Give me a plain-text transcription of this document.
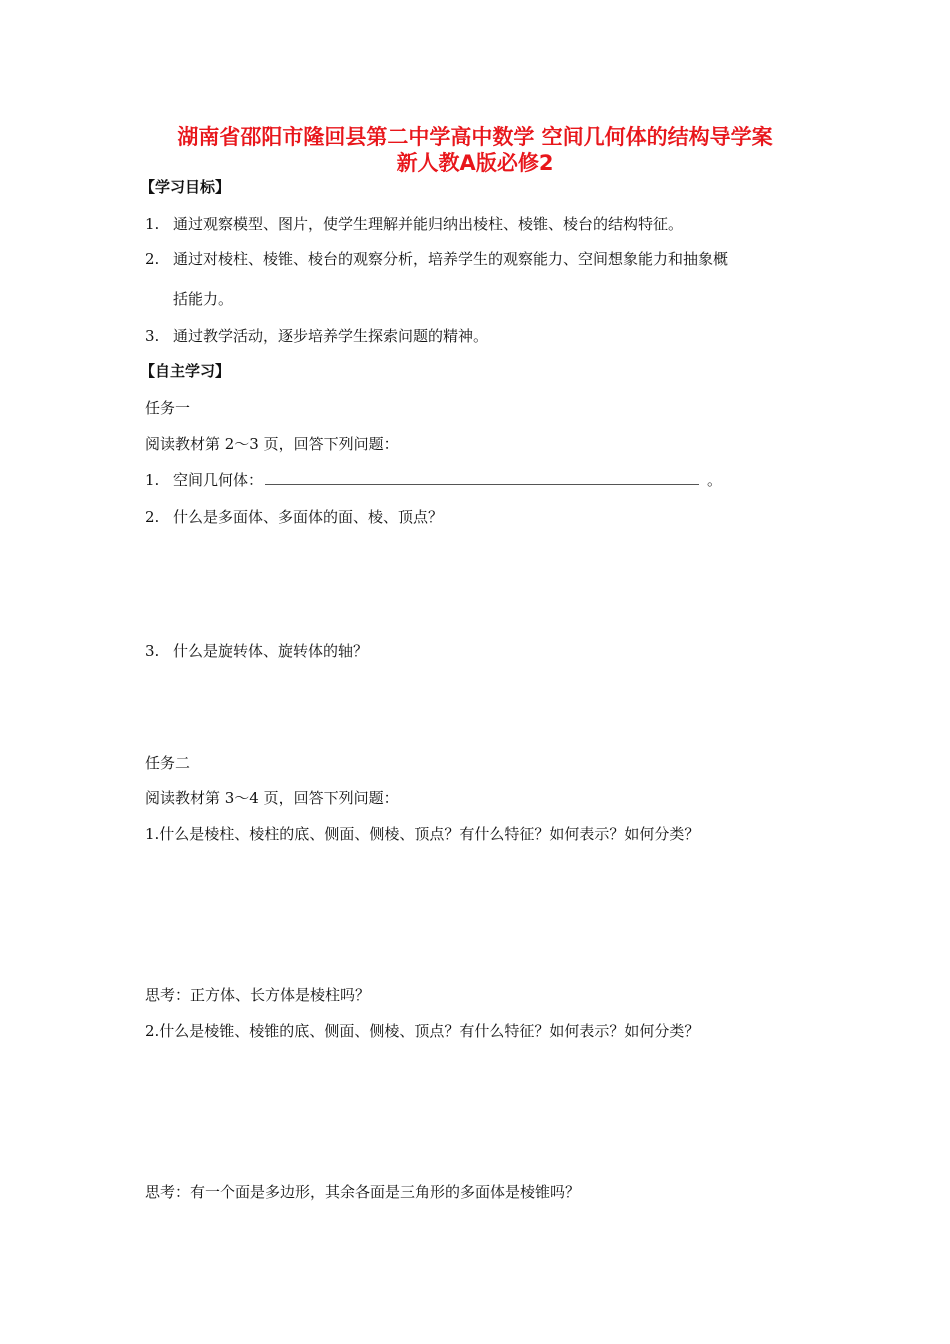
湖南省邵阳市隆回县第二中学高中数学 空间几何体的结构导学案
新人教A版必修2
【学习目标】
1. 通过观察模型、图片，使学生理解并能归纳出棱柱、棱锥、棱台的结构特征。
2. 通过对棱柱、棱锥、棱台的观察分析，培养学生的观察能力、空间想象能力和抽象概
括能力。
3. 通过教学活动，逐步培养学生探索问题的精神。
【自主学习】
任务一
阅读教材第 2～3 页，回答下列问题：
1. 空间几何体：	。
2. 什么是多面体、多面体的面、棱、顶点？
3. 什么是旋转体、旋转体的轴？
任务二
阅读教材第 3～4 页，回答下列问题：
1.什么是棱柱、棱柱的底、侧面、侧棱、顶点？有什么特征？如何表示？如何分类？
思考：正方体、长方体是棱柱吗？
2.什么是棱锥、棱锥的底、侧面、侧棱、顶点？有什么特征？如何表示？如何分类？
思考：有一个面是多边形，其余各面是三角形的多面体是棱锥吗？
